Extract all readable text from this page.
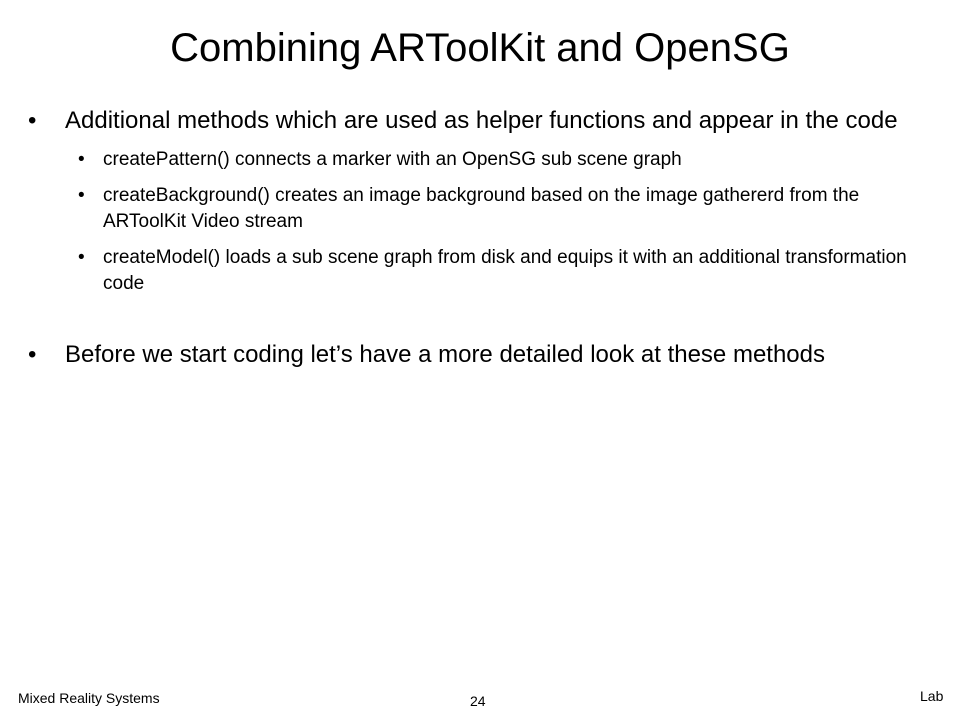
Combining ARToolKit and OpenSG
• Additional methods which are used as helper functions and appear in the code
• createPattern() connects a marker with an OpenSG sub scene graph
• createBackground() creates an image background based on the image gathererd from the ARToolKit Video stream
• createModel() loads a sub scene graph from disk and equips it with an additional transformation code
• Before we start coding let’s have a more detailed look at these methods
Mixed Reality Systems	24	Lab
